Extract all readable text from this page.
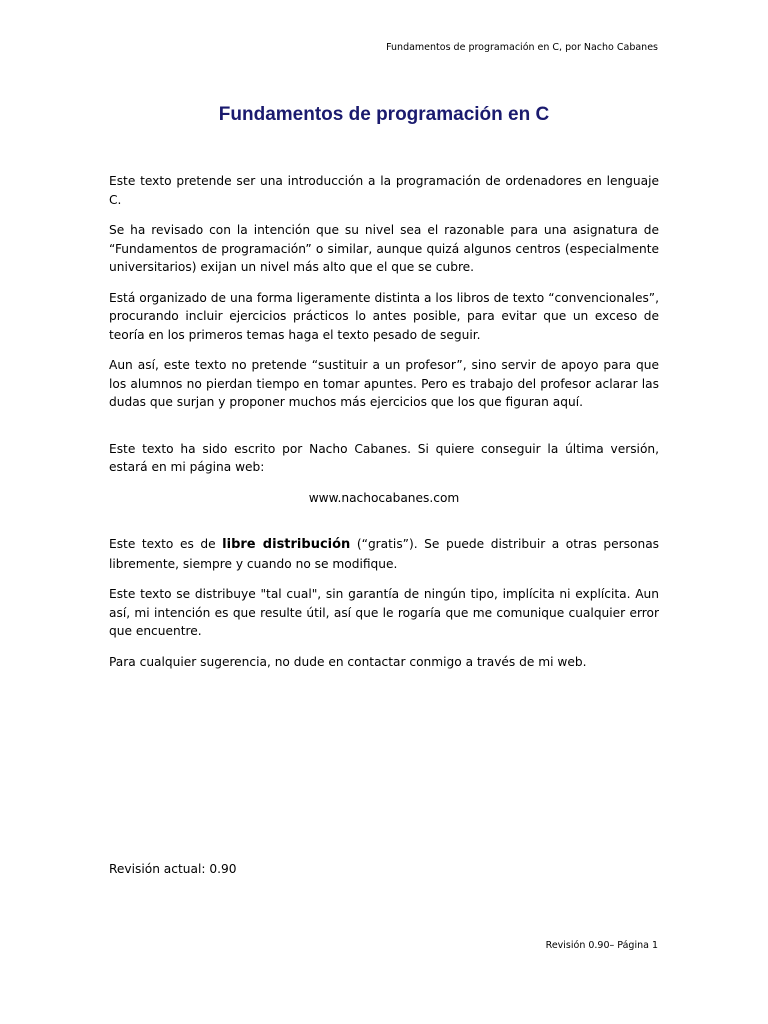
Fundamentos de programación en C, por Nacho Cabanes
Fundamentos de programación en C

Este texto pretende ser una introducción a la programación de ordenadores en lenguaje C.

Se ha revisado con la intención que su nivel sea el razonable para una asignatura de “Fundamentos de programación” o similar, aunque quizá algunos centros (especialmente universitarios) exijan un nivel más alto que el que se cubre.

Está organizado de una forma ligeramente distinta a los libros de texto “convencionales”, procurando incluir ejercicios prácticos lo antes posible, para evitar que un exceso de teoría en los primeros temas haga el texto pesado de seguir.

Aun así, este texto no pretende “sustituir a un profesor”, sino servir de apoyo para que los alumnos no pierdan tiempo en tomar apuntes. Pero es trabajo del profesor aclarar las dudas que surjan y proponer muchos más ejercicios que los que figuran aquí.

Este texto ha sido escrito por Nacho Cabanes. Si quiere conseguir la última versión, estará en mi página web:

www.nachocabanes.com

Este texto es de libre distribución (“gratis”). Se puede distribuir a otras personas libremente, siempre y cuando no se modifique.

Este texto se distribuye "tal cual", sin garantía de ningún tipo, implícita ni explícita. Aun así, mi intención es que resulte útil, así que le rogaría que me comunique cualquier error que encuentre.

Para cualquier sugerencia, no dude en contactar conmigo a través de mi web.

Revisión actual: 0.90
Revisión 0.90– Página 1
